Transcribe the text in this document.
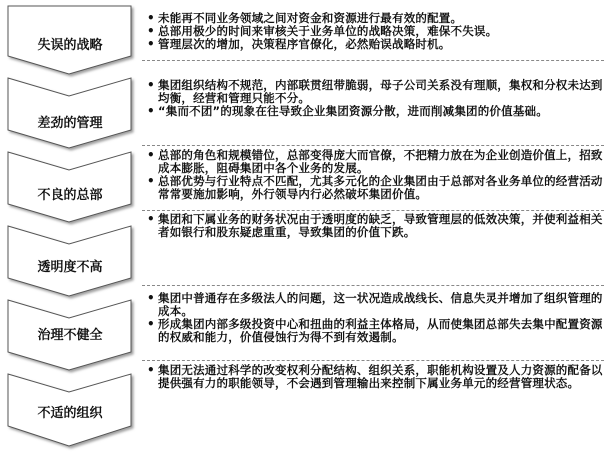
失误的战略
差劲的管理
不良的总部
透明度不高
治理不健全
不适的组织
• 未能再不同业务领域之间对资金和资源进行最有效的配置。
• 总部用极少的时间来审核关于业务单位的战略决策，难保不失误。
• 管理层次的增加，决策程序官僚化，必然贻误战略时机。
• 集团组织结构不规范，内部联贯纽带脆弱，母子公司关系没有理顺，集权和分权未达到均衡，经营和管理只能不分。
• “集而不团”的现象在往导致企业集团资源分散，进而削减集团的价值基础。
• 总部的角色和规模错位，总部变得庞大而官僚，不把精力放在为企业创造价值上，招致成本膨胀，阻碍集团中各个业务的发展。
• 总部优势与行业特点不匹配，尤其多元化的企业集团由于总部对各业务单位的经营活动常常要施加影响，外行领导内行必然破坏集团价值。
• 集团和下属业务的财务状况由于透明度的缺乏，导致管理层的低效决策，并使利益相关者如银行和股东疑虑重重，导致集团的价值下跌。
• 集团中普通存在多级法人的问题，这一状况造成战线长、信息失灵并增加了组织管理的成本。
• 形成集团内部多级投资中心和扭曲的利益主体格局，从而使集团总部失去集中配置资源的权威和能力，价值侵蚀行为得不到有效遏制。
• 集团无法通过科学的改变权利分配结构、组织关系，职能机构设置及人力资源的配备以提供强有力的职能领导，不会遇到管理输出来控制下属业务单元的经营管理状态。
